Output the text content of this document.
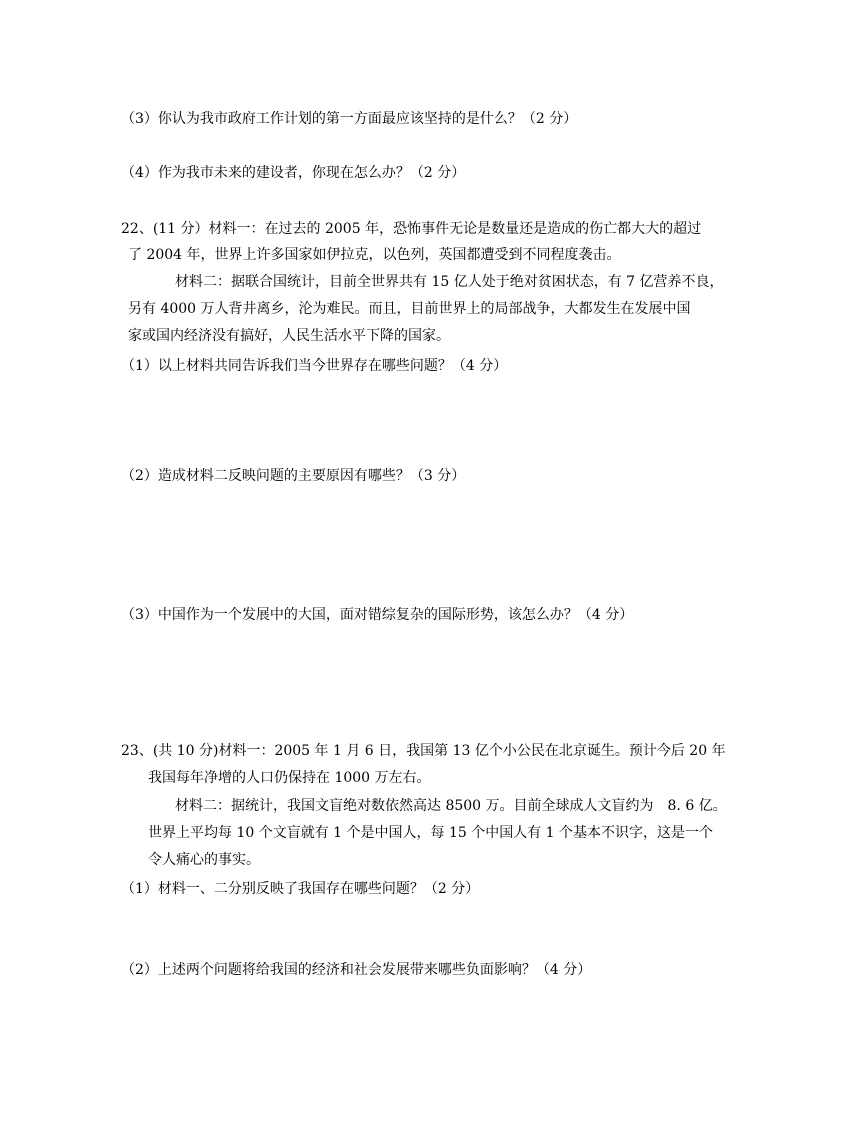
（3）你认为我市政府工作计划的第一方面最应该坚持的是什么？（2 分）
（4）作为我市未来的建设者，你现在怎么办？（2 分）
22、(11 分）材料一：在过去的 2005 年，恐怖事件无论是数量还是造成的伤亡都大大的超过
了 2004 年，世界上许多国家如伊拉克，以色列，英国都遭受到不同程度袭击。
材料二：据联合国统计，目前全世界共有 15 亿人处于绝对贫困状态，有 7 亿营养不良，
另有 4000 万人背井离乡，沦为难民。而且，目前世界上的局部战争，大都发生在发展中国
家或国内经济没有搞好，人民生活水平下降的国家。
（1）以上材料共同告诉我们当今世界存在哪些问题？（4 分）
（2）造成材料二反映问题的主要原因有哪些？（3 分）
（3）中国作为一个发展中的大国，面对错综复杂的国际形势，该怎么办？（4 分）
23、(共 10 分)材料一：2005 年 1 月 6 日，我国第 13 亿个小公民在北京诞生。预计今后 20 年
我国每年净增的人口仍保持在 1000 万左右。
材料二：据统计，我国文盲绝对数依然高达 8500 万。目前全球成人文盲约为　8. 6 亿。
世界上平均每 10 个文盲就有 1 个是中国人，每 15 个中国人有 1 个基本不识字，这是一个
令人痛心的事实。
（1）材料一、二分别反映了我国存在哪些问题？（2 分）
（2）上述两个问题将给我国的经济和社会发展带来哪些负面影响？（4 分）
